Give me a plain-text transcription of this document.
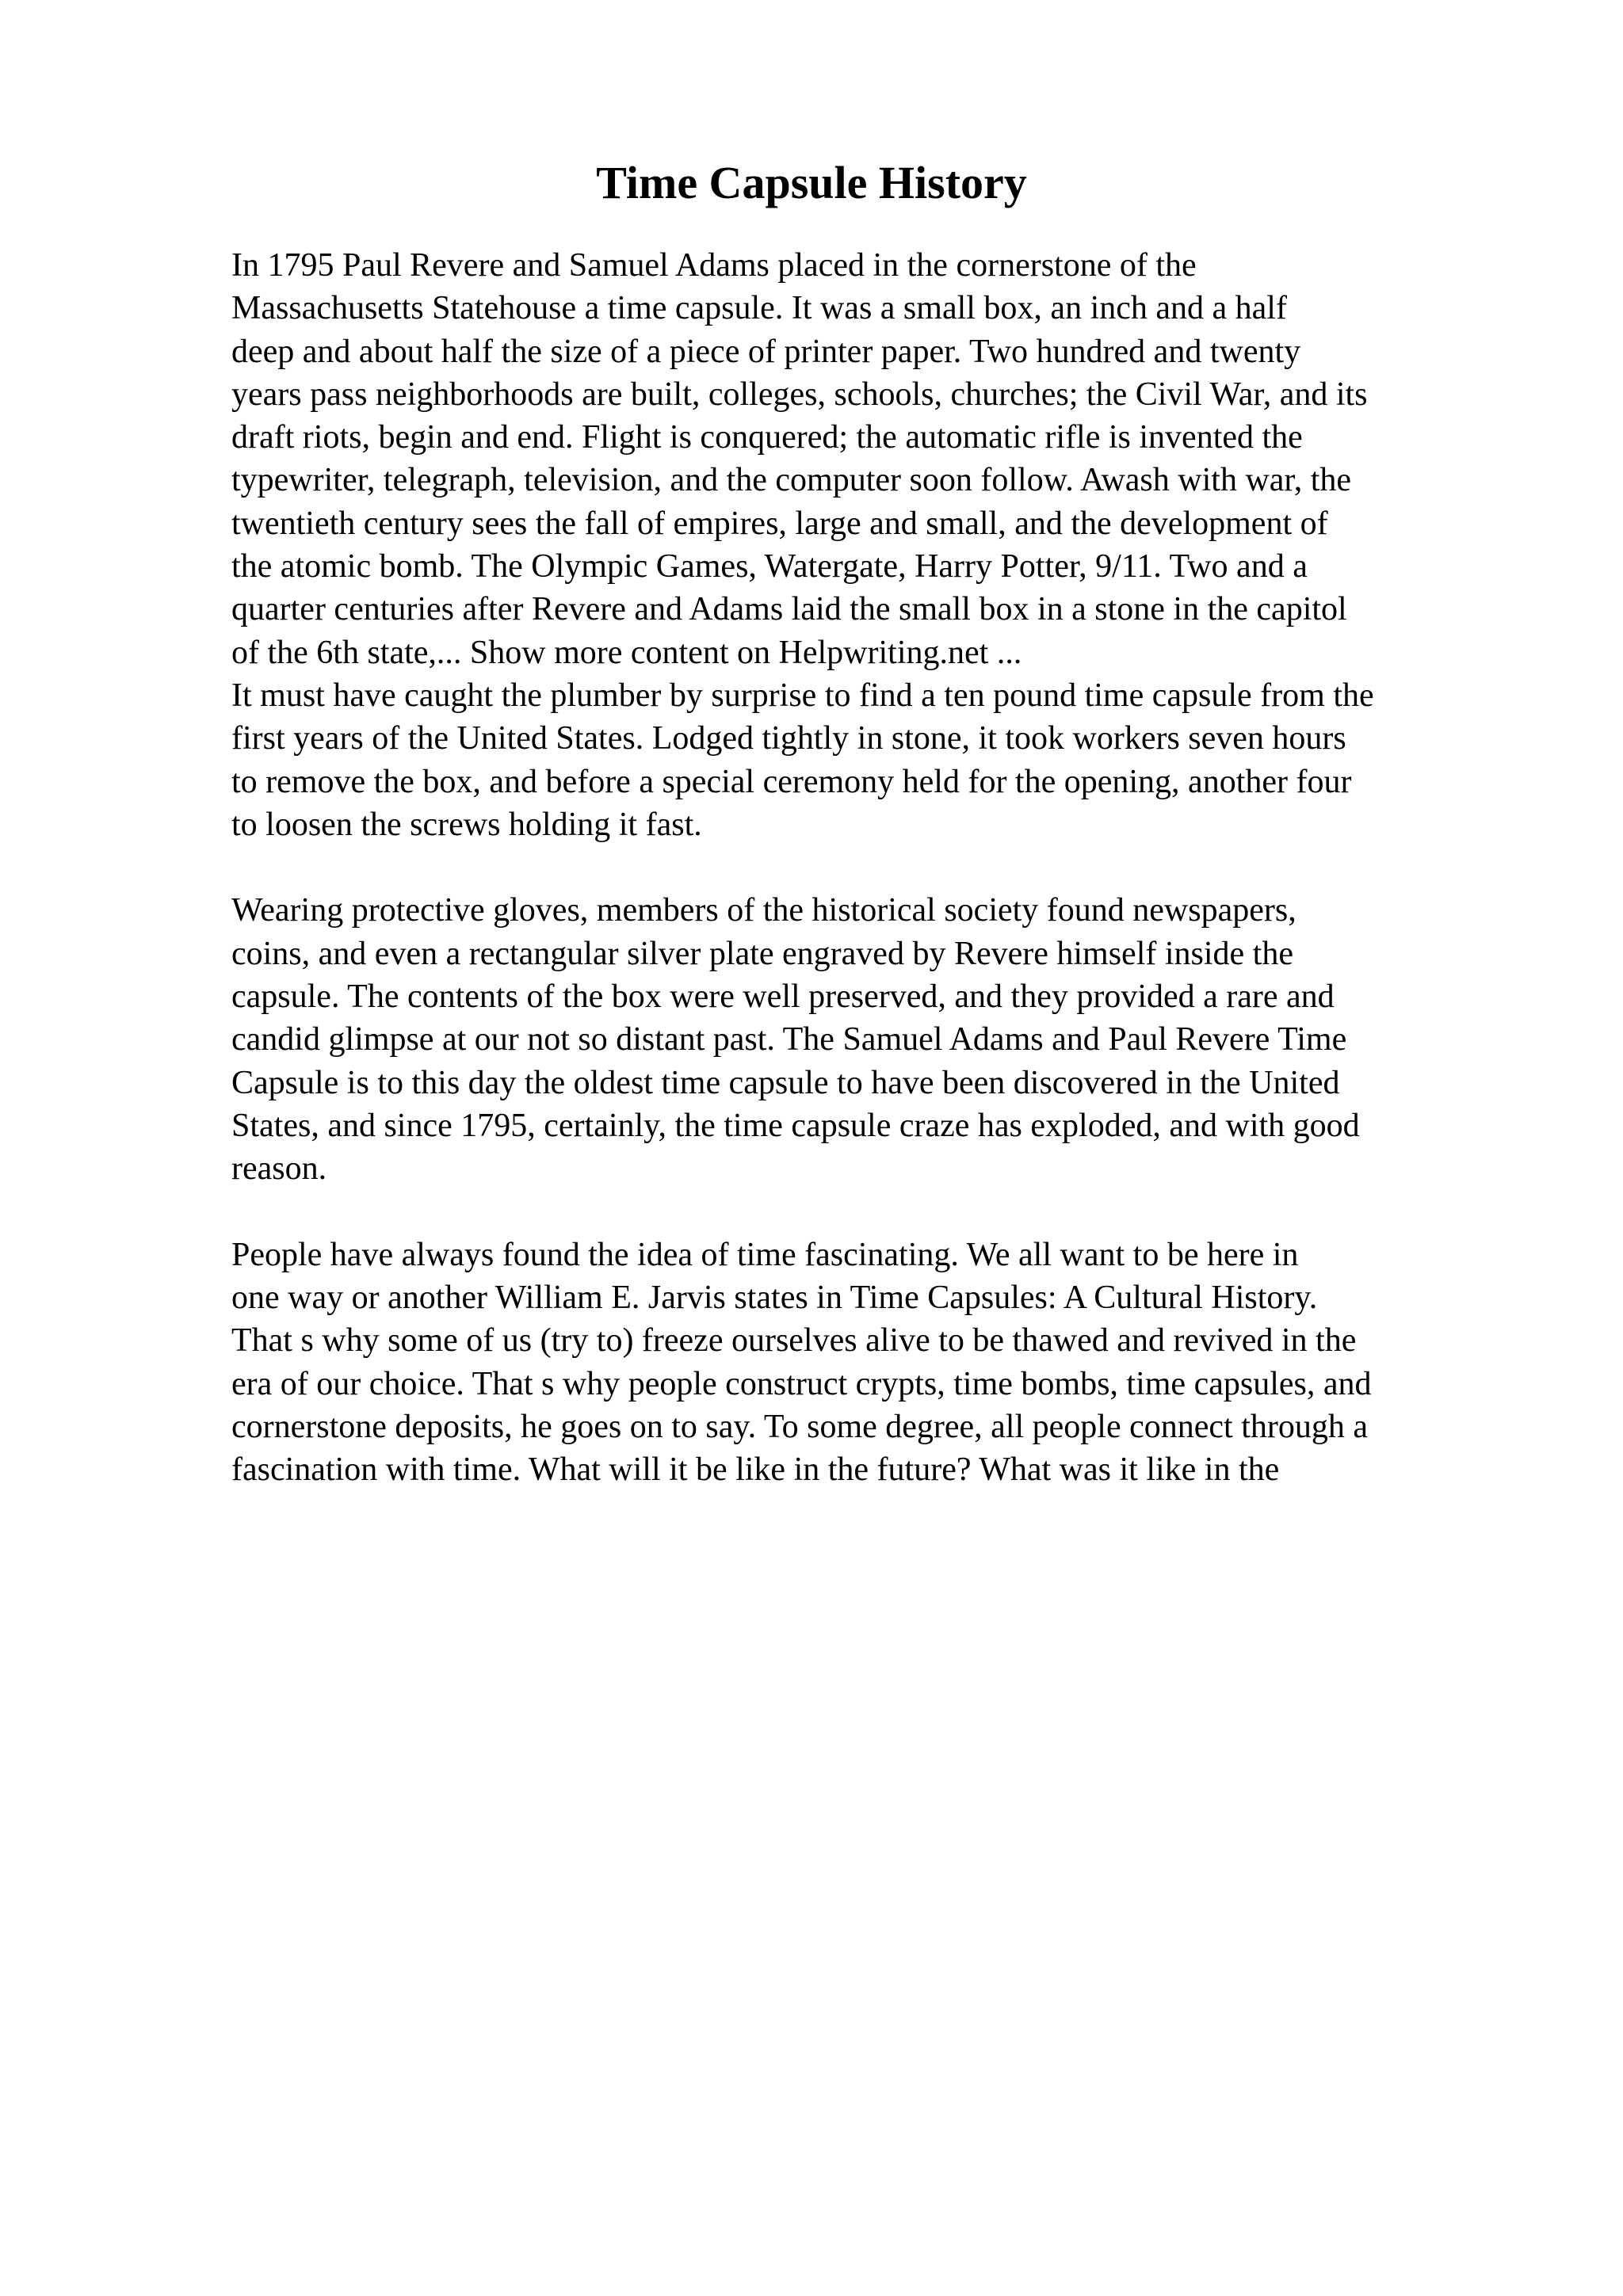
Time Capsule History
In 1795 Paul Revere and Samuel Adams placed in the cornerstone of the
Massachusetts Statehouse a time capsule. It was a small box, an inch and a half
deep and about half the size of a piece of printer paper. Two hundred and twenty
years pass neighborhoods are built, colleges, schools, churches; the Civil War, and its
draft riots, begin and end. Flight is conquered; the automatic rifle is invented the
typewriter, telegraph, television, and the computer soon follow. Awash with war, the
twentieth century sees the fall of empires, large and small, and the development of
the atomic bomb. The Olympic Games, Watergate, Harry Potter, 9/11. Two and a
quarter centuries after Revere and Adams laid the small box in a stone in the capitol
of the 6th state,... Show more content on Helpwriting.net ...
It must have caught the plumber by surprise to find a ten pound time capsule from the
first years of the United States. Lodged tightly in stone, it took workers seven hours
to remove the box, and before a special ceremony held for the opening, another four
to loosen the screws holding it fast.
Wearing protective gloves, members of the historical society found newspapers,
coins, and even a rectangular silver plate engraved by Revere himself inside the
capsule. The contents of the box were well preserved, and they provided a rare and
candid glimpse at our not so distant past. The Samuel Adams and Paul Revere Time
Capsule is to this day the oldest time capsule to have been discovered in the United
States, and since 1795, certainly, the time capsule craze has exploded, and with good
reason.
People have always found the idea of time fascinating. We all want to be here in
one way or another William E. Jarvis states in Time Capsules: A Cultural History.
That s why some of us (try to) freeze ourselves alive to be thawed and revived in the
era of our choice. That s why people construct crypts, time bombs, time capsules, and
cornerstone deposits, he goes on to say. To some degree, all people connect through a
fascination with time. What will it be like in the future? What was it like in the
